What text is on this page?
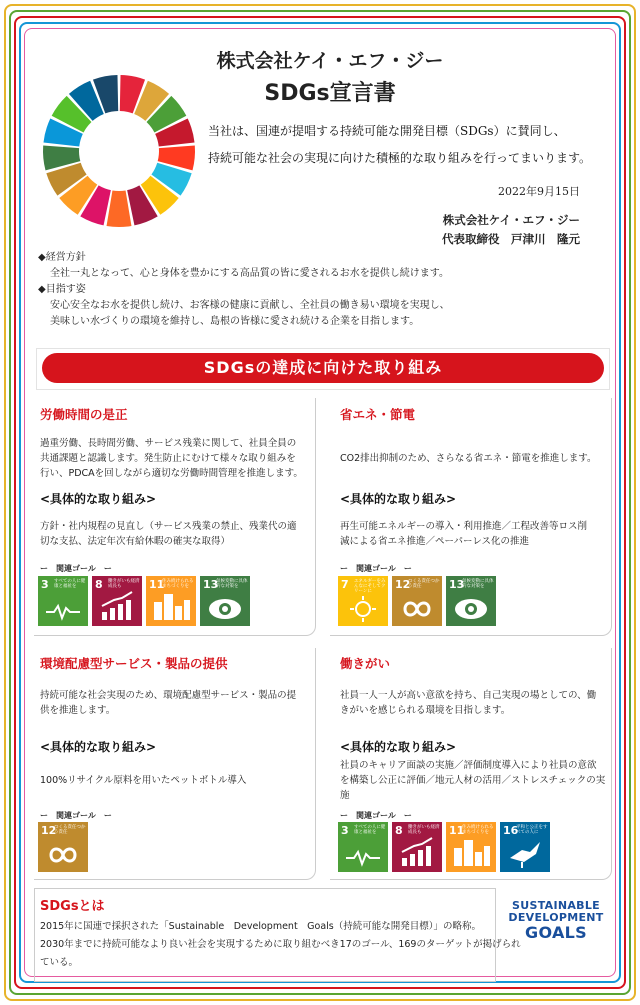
株式会社ケイ・エフ・ジー
SDGs宣言書
当社は、国連が提唱する持続可能な開発目標（SDGs）に賛同し、
持続可能な社会の実現に向けた積極的な取り組みを行ってまいります。
2022年9月15日
株式会社ケイ・エフ・ジー
代表取締役　戸津川　隆元
◆経営方針
全社一丸となって、心と身体を豊かにする高品質の皆に愛されるお水を提供し続けます。
◆目指す姿
安心安全なお水を提供し続け、お客様の健康に貢献し、全社員の働き易い環境を実現し、
美味しい水づくりの環境を維持し、島根の皆様に愛され続ける企業を目指します。
SDGsの達成に向けた取り組み
労働時間の是正
過重労働、長時間労働、サービス残業に関して、社員全員の
共通課題と認識します。発生防止にむけて様々な取り組みを
行い、PDCAを回しながら適切な労働時間管理を推進します。
<具体的な取り組み>
方針・社内規程の見直し（サービス残業の禁止、残業代の適
切な支払、法定年次有給休暇の確実な取得）
ー　関連ゴール　ー
省エネ・節電
CO2排出抑制のため、さらなる省エネ・節電を推進します。
<具体的な取り組み>
再生可能エネルギーの導入・利用推進／工程改善等ロス削
減による省エネ推進／ペーパーレス化の推進
ー　関連ゴール　ー
環境配慮型サービス・製品の提供
持続可能な社会実現のため、環境配慮型サービス・製品の提
供を推進します。
<具体的な取り組み>
100%リサイクル原料を用いたペットボトル導入
ー　関連ゴール　ー
働きがい
社員一人一人が高い意欲を持ち、自己実現の場としての、働
きがいを感じられる環境を目指します。
<具体的な取り組み>
社員のキャリア面談の実施／評価制度導入により社員の意欲
を構築し公正に評価／地元人材の活用／ストレスチェックの実
施
ー　関連ゴール　ー
SDGsとは
2015年に国連で採択された「Sustainable　Development　Goals（持続可能な開発目標）」の略称。
2030年までに持続可能なより良い社会を実現するために取り組むべき17のゴール、169のターゲットが掲げられ
ている。
SUSTAINABLE
DEVELOPMENT
GOALS
3 すべての人に健康と福祉を	8 働きがいも経済成長も	11
住み続けられるまちづくりを	13
気候変動に具体的な対策を	7 エネルギーをみんなにそしてクリーンに
12
つくる責任つかう責任	13
気候変動に具体的な対策を
12
つくる責任つかう責任	3 すべての人に健康と福祉を	8 働きがいも経済成長も	11
住み続けられるまちづくりを	16
平和と公正をすべての人に
